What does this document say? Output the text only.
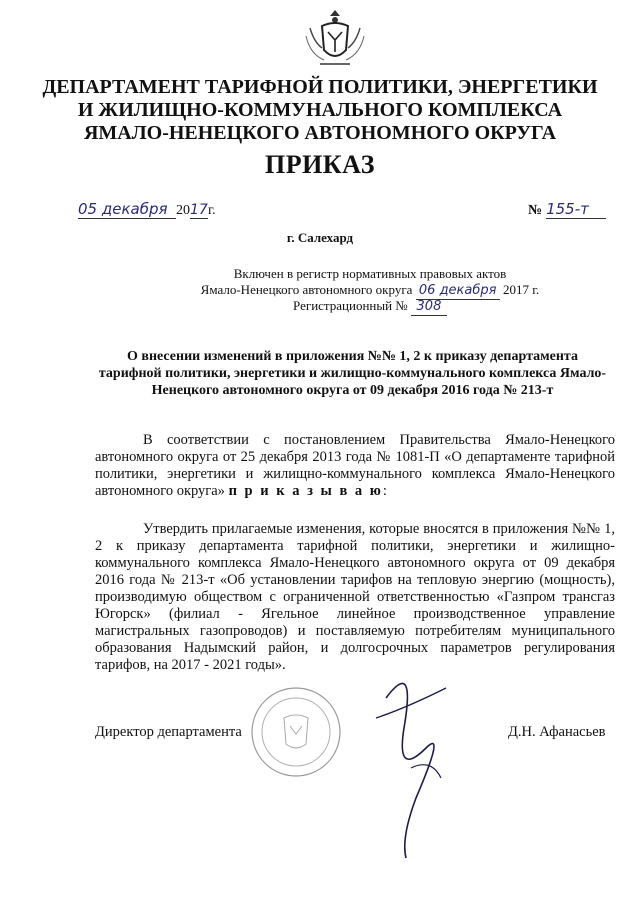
ДЕПАРТАМЕНТ ТАРИФНОЙ ПОЛИТИКИ, ЭНЕРГЕТИКИ
И ЖИЛИЩНО-КОММУНАЛЬНОГО КОМПЛЕКСА
ЯМАЛО-НЕНЕЦКОГО АВТОНОМНОГО ОКРУГА
ПРИКАЗ
05 декабря 2017г.	№ 155-т
г. Салехард
Включен в регистр нормативных правовых актов
Ямало-Ненецкого автономного округа 06 декабря 2017 г.
Регистрационный № 308
О внесении изменений в приложения №№ 1, 2 к приказу департамента тарифной политики, энергетики и жилищно-коммунального комплекса Ямало-Ненецкого автономного округа от 09 декабря 2016 года № 213-т
В соответствии с постановлением Правительства Ямало-Ненецкого автономного округа от 25 декабря 2013 года № 1081-П «О департаменте тарифной политики, энергетики и жилищно-коммунального комплекса Ямало-Ненецкого автономного округа» п р и к а з ы в а ю:
Утвердить прилагаемые изменения, которые вносятся в приложения №№ 1, 2 к приказу департамента тарифной политики, энергетики и жилищно-коммунального комплекса Ямало-Ненецкого автономного округа от 09 декабря 2016 года № 213-т «Об установлении тарифов на тепловую энергию (мощность), производимую обществом с ограниченной ответственностью «Газпром трансгаз Югорск» (филиал - Ягельное линейное производственное управление магистральных газопроводов) и поставляемую потребителям муниципального образования Надымский район, и долгосрочных параметров регулирования тарифов, на 2017 - 2021 годы».
Директор департамента	Д.Н. Афанасьев
